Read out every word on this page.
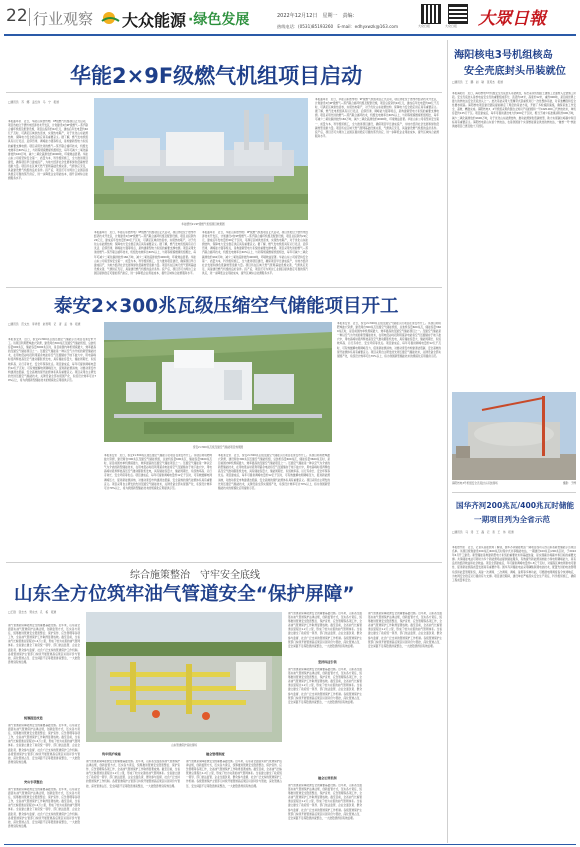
22 行业观察 大众能源 ·绿色发展	2022年12月12日　星期一　责编：
热线电话：(0531)85193260　E-mail：edhyxwzk@163.com	大众日报	大众日报 大眾日報
华能2×9F级燃气机组项目启动
□通讯员　苏　娜　孟红伟　马　宁　报道
本报曲阜讯　近日，华能山东德州电厂9F级燃气机组项目正式启动，项目选址位于德州市经济技术开发区，计划建设2台9F级燃气—蒸汽联合循环机组及配套设施，项目总投资约22亿元，建成后年发电量约40亿千瓦时，可满足区域供热需求，实现热电联产，对于优化山东能源结构、保障电力安全稳定供应具有重要意义。据了解，燃气发电机组具有运行灵活、启停迅速、调峰能力强等特点，是构建新型电力系统的重要支撑电源。项目采用先进的燃气—蒸汽联合循环技术，机组发电效率达60%以上，与同等规模燃煤机组相比，每年可减少二氧化碳排放约160万吨、减少二氧化硫排放约4000吨，环境效益显著。华能山东公司将坚持安全第一、质量为本，科学组织施工，全力推进项目建设，确保项目早日建成投产，为地方经济社会发展和绿色低碳转型贡献力量。项目所在区域天然气管网基础设施完善，气源供应充足，具备建设燃气机组的良好条件。投产后，项目还可为周边工业园区提供稳定可靠的蒸汽供应，进一步降低企业用能成本，提升区域综合能源服务水平。
华能德州2×9F级燃气机组项目效果图
本报曲阜讯　近日，华能山东德州电厂9F级燃气机组项目正式启动，项目选址位于德州市经济技术开发区，计划建设2台9F级燃气—蒸汽联合循环机组及配套设施，项目总投资约22亿元，建成后年发电量约40亿千瓦时，可满足区域供热需求，实现热电联产，对于优化山东能源结构、保障电力安全稳定供应具有重要意义。据了解，燃气发电机组具有运行灵活、启停迅速、调峰能力强等特点，是构建新型电力系统的重要支撑电源。项目采用先进的燃气—蒸汽联合循环技术，机组发电效率达60%以上，与同等规模燃煤机组相比，每年可减少二氧化碳排放约160万吨、减少二氧化硫排放约4000吨，环境效益显著。华能山东公司将坚持安全第一、质量为本，科学组织施工，全力推进项目建设，确保项目早日建成投产，为地方经济社会发展和绿色低碳转型贡献力量。项目所在区域天然气管网基础设施完善，气源供应充足，具备建设燃气机组的良好条件。投产后，项目还可为周边工业园区提供稳定可靠的蒸汽供应，进一步降低企业用能成本，提升区域综合能源服务水平。
本报曲阜讯　近日，华能山东德州电厂9F级燃气机组项目正式启动，项目选址位于德州市经济技术开发区，计划建设2台9F级燃气—蒸汽联合循环机组及配套设施，项目总投资约22亿元，建成后年发电量约40亿千瓦时，可满足区域供热需求，实现热电联产，对于优化山东能源结构、保障电力安全稳定供应具有重要意义。据了解，燃气发电机组具有运行灵活、启停迅速、调峰能力强等特点，是构建新型电力系统的重要支撑电源。项目采用先进的燃气—蒸汽联合循环技术，机组发电效率达60%以上，与同等规模燃煤机组相比，每年可减少二氧化碳排放约160万吨、减少二氧化硫排放约4000吨，环境效益显著。华能山东公司将坚持安全第一、质量为本，科学组织施工，全力推进项目建设，确保项目早日建成投产，为地方经济社会发展和绿色低碳转型贡献力量。项目所在区域天然气管网基础设施完善，气源供应充足，具备建设燃气机组的良好条件。投产后，项目还可为周边工业园区提供稳定可靠的蒸汽供应，进一步降低企业用能成本，提升区域综合能源服务水平。
本报曲阜讯　近日，华能山东德州电厂9F级燃气机组项目正式启动，项目选址位于德州市经济技术开发区，计划建设2台9F级燃气—蒸汽联合循环机组及配套设施，项目总投资约22亿元，建成后年发电量约40亿千瓦时，可满足区域供热需求，实现热电联产，对于优化山东能源结构、保障电力安全稳定供应具有重要意义。据了解，燃气发电机组具有运行灵活、启停迅速、调峰能力强等特点，是构建新型电力系统的重要支撑电源。项目采用先进的燃气—蒸汽联合循环技术，机组发电效率达60%以上，与同等规模燃煤机组相比，每年可减少二氧化碳排放约160万吨、减少二氧化硫排放约4000吨，环境效益显著。华能山东公司将坚持安全第一、质量为本，科学组织施工，全力推进项目建设，确保项目早日建成投产，为地方经济社会发展和绿色低碳转型贡献力量。项目所在区域天然气管网基础设施完善，气源供应充足，具备建设燃气机组的良好条件。投产后，项目还可为周边工业园区提供稳定可靠的蒸汽供应，进一步降低企业用能成本，提升区域综合能源服务水平。
泰安2×300兆瓦级压缩空气储能项目开工
□通讯员　范文杰　李祥君　赵雪明　记　者　孟　伟　报道
本报泰安讯　近日，泰安2×300兆瓦级压缩空气储能示范项目在泰安市开工。该项目利用肥城盐穴资源，建设两台300兆瓦压缩空气储能机组，总装机容量600兆瓦，储能容量3600兆瓦时，是目前国内单机规模最大、效率最高的压缩空气储能项目之一。压缩空气储能是一种以空气为介质的新型储能技术，在用电低谷时段利用富余电能将空气压缩储存于地下盐穴中，用电高峰时段再释放高压空气推动膨胀机发电，具有储能容量大、储能周期长、系统效率高、运行寿命长、安全环保等优点。项目建成后，每年可提供调峰电量约12亿千瓦时，可有效缓解电网调峰压力，促进新能源消纳，对推动泰安市构建清洁低碳、安全高效的现代能源体系具有重要意义。项目采用自主研发的先进压缩空气储能技术，关键设备全部实现国产化，系统设计效率可达70%以上，将为我国新型储能技术的规模化应用提供示范。
泰安2×300兆瓦级压缩空气储能项目效果图
本报泰安讯　近日，泰安2×300兆瓦级压缩空气储能示范项目在泰安市开工。该项目利用肥城盐穴资源，建设两台300兆瓦压缩空气储能机组，总装机容量600兆瓦，储能容量3600兆瓦时，是目前国内单机规模最大、效率最高的压缩空气储能项目之一。压缩空气储能是一种以空气为介质的新型储能技术，在用电低谷时段利用富余电能将空气压缩储存于地下盐穴中，用电高峰时段再释放高压空气推动膨胀机发电，具有储能容量大、储能周期长、系统效率高、运行寿命长、安全环保等优点。项目建成后，每年可提供调峰电量约12亿千瓦时，可有效缓解电网调峰压力，促进新能源消纳，对推动泰安市构建清洁低碳、安全高效的现代能源体系具有重要意义。项目采用自主研发的先进压缩空气储能技术，关键设备全部实现国产化，系统设计效率可达70%以上，将为我国新型储能技术的规模化应用提供示范。
本报泰安讯　近日，泰安2×300兆瓦级压缩空气储能示范项目在泰安市开工。该项目利用肥城盐穴资源，建设两台300兆瓦压缩空气储能机组，总装机容量600兆瓦，储能容量3600兆瓦时，是目前国内单机规模最大、效率最高的压缩空气储能项目之一。压缩空气储能是一种以空气为介质的新型储能技术，在用电低谷时段利用富余电能将空气压缩储存于地下盐穴中，用电高峰时段再释放高压空气推动膨胀机发电，具有储能容量大、储能周期长、系统效率高、运行寿命长、安全环保等优点。项目建成后，每年可提供调峰电量约12亿千瓦时，可有效缓解电网调峰压力，促进新能源消纳，对推动泰安市构建清洁低碳、安全高效的现代能源体系具有重要意义。项目采用自主研发的先进压缩空气储能技术，关键设备全部实现国产化，系统设计效率可达70%以上，将为我国新型储能技术的规模化应用提供示范。
本报泰安讯　近日，泰安2×300兆瓦级压缩空气储能示范项目在泰安市开工。该项目利用肥城盐穴资源，建设两台300兆瓦压缩空气储能机组，总装机容量600兆瓦，储能容量3600兆瓦时，是目前国内单机规模最大、效率最高的压缩空气储能项目之一。压缩空气储能是一种以空气为介质的新型储能技术，在用电低谷时段利用富余电能将空气压缩储存于地下盐穴中，用电高峰时段再释放高压空气推动膨胀机发电，具有储能容量大、储能周期长、系统效率高、运行寿命长、安全环保等优点。项目建成后，每年可提供调峰电量约12亿千瓦时，可有效缓解电网调峰压力，促进新能源消纳，对推动泰安市构建清洁低碳、安全高效的现代能源体系具有重要意义。项目采用自主研发的先进压缩空气储能技术，关键设备全部实现国产化，系统设计效率可达70%以上，将为我国新型储能技术的规模化应用提供示范。
综合施策整治　守牢安全底线
山东全方位筑牢油气管道安全“保护屏障”
□王尉　张志杰　贾永杰　孔　栋　报道
油气管道是保障能源安全的重要基础设施。近年来，山东省全面落实油气管道保护法律法规，创新监管方式，压实各方责任，统筹推进管道安全隐患整治、保护宣传、应急管理等各项工作，全省油气管道保护工作取得显著成效。截至目前，全省油气长输管道总里程达1.2万公里，形成了较为完善的油气管网体系。全省建立健全了政府统一领导、部门依法监管、企业全面负责、群众参与监督、社会广泛支持的管道保护工作机制。各级管道保护主管部门持续开展管道高后果区识别评价与管控，深化管道占压、安全间距不足等隐患排查整治，一大批隐患得到有效治理。
统筹推进改造
油气管道是保障能源安全的重要基础设施。近年来，山东省全面落实油气管道保护法律法规，创新监管方式，压实各方责任，统筹推进管道安全隐患整治、保护宣传、应急管理等各项工作，全省油气管道保护工作取得显著成效。截至目前，全省油气长输管道总里程达1.2万公里，形成了较为完善的油气管网体系。全省建立健全了政府统一领导、部门依法监管、企业全面负责、群众参与监督、社会广泛支持的管道保护工作机制。各级管道保护主管部门持续开展管道高后果区识别评价与管控，深化管道占压、安全间距不足等隐患排查整治，一大批隐患得到有效治理。
突出专项整治
油气管道是保障能源安全的重要基础设施。近年来，山东省全面落实油气管道保护法律法规，创新监管方式，压实各方责任，统筹推进管道安全隐患整治、保护宣传、应急管理等各项工作，全省油气管道保护工作取得显著成效。截至目前，全省油气长输管道总里程达1.2万公里，形成了较为完善的油气管网体系。全省建立健全了政府统一领导、部门依法监管、企业全面负责、群众参与监督、社会广泛支持的管道保护工作机制。各级管道保护主管部门持续开展管道高后果区识别评价与管控，深化管道占压、安全间距不足等隐患排查整治，一大批隐患得到有效治理。
山东管道保护巡检现场
筑牢保护城墙
油气管道是保障能源安全的重要基础设施。近年来，山东省全面落实油气管道保护法律法规，创新监管方式，压实各方责任，统筹推进管道安全隐患整治、保护宣传、应急管理等各项工作，全省油气管道保护工作取得显著成效。截至目前，全省油气长输管道总里程达1.2万公里，形成了较为完善的油气管网体系。全省建立健全了政府统一领导、部门依法监管、企业全面负责、群众参与监督、社会广泛支持的管道保护工作机制。各级管道保护主管部门持续开展管道高后果区识别评价与管控，深化管道占压、安全间距不足等隐患排查整治，一大批隐患得到有效治理。
健全管理制度
油气管道是保障能源安全的重要基础设施。近年来，山东省全面落实油气管道保护法律法规，创新监管方式，压实各方责任，统筹推进管道安全隐患整治、保护宣传、应急管理等各项工作，全省油气管道保护工作取得显著成效。截至目前，全省油气长输管道总里程达1.2万公里，形成了较为完善的油气管网体系。全省建立健全了政府统一领导、部门依法监管、企业全面负责、群众参与监督、社会广泛支持的管道保护工作机制。各级管道保护主管部门持续开展管道高后果区识别评价与管控，深化管道占压、安全间距不足等隐患排查整治，一大批隐患得到有效治理。
油气管道是保障能源安全的重要基础设施。近年来，山东省全面落实油气管道保护法律法规，创新监管方式，压实各方责任，统筹推进管道安全隐患整治、保护宣传、应急管理等各项工作，全省油气管道保护工作取得显著成效。截至目前，全省油气长输管道总里程达1.2万公里，形成了较为完善的油气管网体系。全省建立健全了政府统一领导、部门依法监管、企业全面负责、群众参与监督、社会广泛支持的管道保护工作机制。各级管道保护主管部门持续开展管道高后果区识别评价与管控，深化管道占压、安全间距不足等隐患排查整治，一大批隐患得到有效治理。
坚持科技引领
油气管道是保障能源安全的重要基础设施。近年来，山东省全面落实油气管道保护法律法规，创新监管方式，压实各方责任，统筹推进管道安全隐患整治、保护宣传、应急管理等各项工作，全省油气管道保护工作取得显著成效。截至目前，全省油气长输管道总里程达1.2万公里，形成了较为完善的油气管网体系。全省建立健全了政府统一领导、部门依法监管、企业全面负责、群众参与监督、社会广泛支持的管道保护工作机制。各级管道保护主管部门持续开展管道高后果区识别评价与管控，深化管道占压、安全间距不足等隐患排查整治，一大批隐患得到有效治理。
健全长效机制
油气管道是保障能源安全的重要基础设施。近年来，山东省全面落实油气管道保护法律法规，创新监管方式，压实各方责任，统筹推进管道安全隐患整治、保护宣传、应急管理等各项工作，全省油气管道保护工作取得显著成效。截至目前，全省油气长输管道总里程达1.2万公里，形成了较为完善的油气管网体系。全省建立健全了政府统一领导、部门依法监管、企业全面负责、群众参与监督、社会广泛支持的管道保护工作机制。各级管道保护主管部门持续开展管道高后果区识别评价与管控，深化管道占压、安全间距不足等隐患排查整治，一大批隐患得到有效治理。
油气管道是保障能源安全的重要基础设施。近年来，山东省全面落实油气管道保护法律法规，创新监管方式，压实各方责任，统筹推进管道安全隐患整治、保护宣传、应急管理等各项工作，全省油气管道保护工作取得显著成效。截至目前，全省油气长输管道总里程达1.2万公里，形成了较为完善的油气管网体系。全省建立健全了政府统一领导、部门依法监管、企业全面负责、群众参与监督、社会广泛支持的管道保护工作机制。各级管道保护主管部门持续开展管道高后果区识别评价与管控，深化管道占压、安全间距不足等隐患排查整治，一大批隐患得到有效治理。
海阳核电3号机组核岛
安全壳底封头吊装就位
□通讯员　王　鹏　赵　敏　张英杰　报道
本报海阳讯　近日，海阳核电3号机组安全壳底封头吊装就位，标志着该机组由土建施工全面转入安装施工阶段。安全壳底封头是核电站安全壳的重要组成部分，直径约43米，高度约12米，重约900吨，是目前世界上最大的核电站安全壳底封头之一。此次吊装采用大型履带式起重机进行一次性整体吊装，对吊装精度和安全性要求极高。海阳核电项目建设团队提前制定了周密的吊装方案，开展了多轮模拟演练，确保吊装工作安全、高效、精准完成。海阳核电3、4号机组采用我国自主知识产权的国和一号CAP1000三代核电技术，单机容量约125万千瓦。项目建成后，每年可提供清洁电力约200亿千瓦时，相当于减少标准煤消耗约600万吨，减少二氧化碳排放约1600万吨，对于优化山东能源结构、推动能源绿色低碳转型、助力实现碳达峰碳中和目标具有重要意义。海阳核电是山东首个核电站，也是我国首个实现核能商业供热的核电站，“暖核一号”核能供暖项目已惠及数十万居民。
海阳核电3号机组安全壳底封头吊装现场	摄影：于博
国华齐河200兆瓦/400兆瓦时储能
一期项目列为全省示范
□通讯员　马　涛　王　磊　记　者　王　伟　报道
本报德州讯　近日，记者从省能源局了解到，国华齐河储能电站一期项目成功入选山东省新型储能示范项目名单。该项目规划建设200兆瓦/400兆瓦时集中式共享储能电站，一期建设100兆瓦/200兆瓦时，于2022年6月开工建设。新型储能是构建新型电力系统的重要技术和基础装备，是实现碳达峰碳中和目标的重要支撑。共享储能电站可同时为多个新能源场站提供储能服务，有效提升新能源消纳能力和电网调峰能力，具有良好的经济效益和社会效益。项目全部建成后，年可提供调峰电量约1.3亿千瓦时，对提高区域电网供电可靠性、促进新能源高质量发展具有重要作用。国华齐河储能电站采用磷酸铁锂电池技术，配置先进的电池管理系统和能量管理系统，具备一次调频、二次调频、调峰、备用等多种功能，可根据电网调度指令快速响应，为电网安全稳定运行提供有力支撑。项目建设期间，建设单位严格落实安全生产责任，科学组织施工，确保工程质量和安全。
